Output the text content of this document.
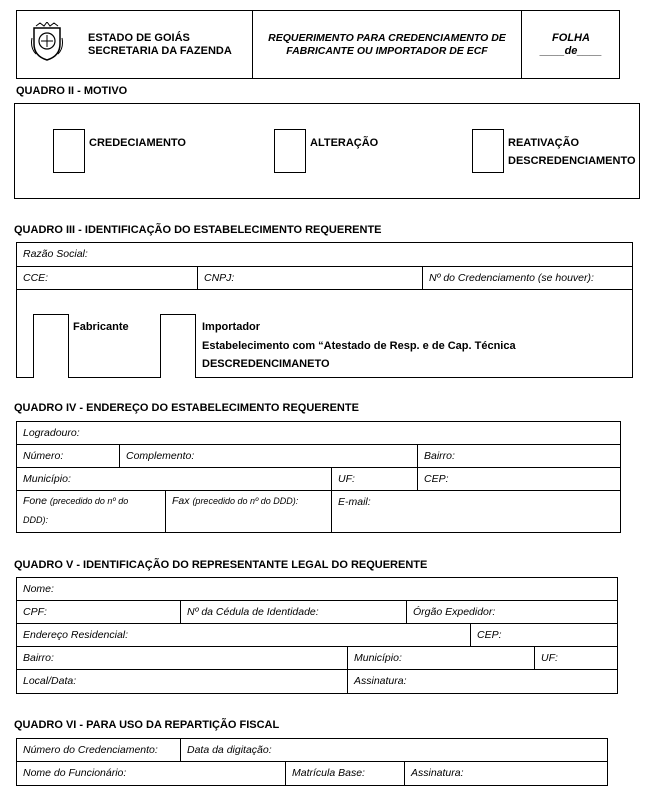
ESTADO DE GOIÁS
SECRETARIA DA FAZENDA
REQUERIMENTO PARA CREDENCIAMENTO DE
FABRICANTE OU IMPORTADOR DE ECF
FOLHA
____de____
QUADRO II - MOTIVO
CREDECIAMENTO	ALTERAÇÃO	REATIVAÇÃO
DESCREDENCIAMENTO
QUADRO III - IDENTIFICAÇÃO DO ESTABELECIMENTO REQUERENTE
Razão Social:
CCE:	CNPJ:	Nº do Credenciamento (se houver):
Fabricante	Importador
Estabelecimento com “Atestado de Resp. e de Cap. Técnica
DESCREDENCIMANETO
QUADRO IV - ENDEREÇO DO ESTABELECIMENTO REQUERENTE
Logradouro:
Número:	Complemento:	Bairro:
Município:	UF:	CEP:
Fone (precedido do nº do
DDD):
Fax (precedido do nº do DDD):	E-mail:
QUADRO V - IDENTIFICAÇÃO DO REPRESENTANTE LEGAL DO REQUERENTE
Nome:
CPF:	Nº da Cédula de Identidade:	Órgão Expedidor:
Endereço Residencial:	CEP:
Bairro:	Município:	UF:
Local/Data:	Assinatura:
QUADRO VI - PARA USO DA REPARTIÇÃO FISCAL
Número do Credenciamento:	Data da digitação:
Nome do Funcionário:	Matrícula Base:	Assinatura:
